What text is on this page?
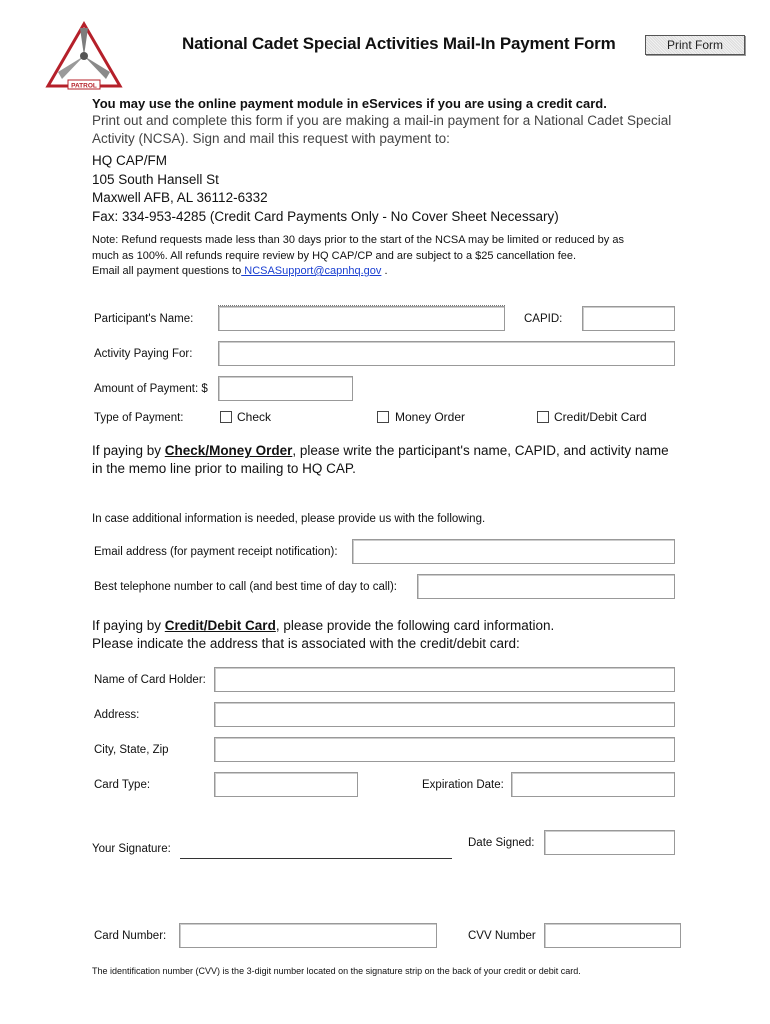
PATROL
National Cadet Special Activities Mail-In Payment Form	Print Form
You may use the online payment module in eServices if you are using a credit card.
Print out and complete this form if you are making a mail-in payment for a National Cadet Special Activity (NCSA). Sign and mail this request with payment to:
HQ CAP/FM
105 South Hansell St
Maxwell AFB, AL 36112-6332
Fax: 334-953-4285 (Credit Card Payments Only - No Cover Sheet Necessary)
Note: Refund requests made less than 30 days prior to the start of the NCSA may be limited or reduced by as
much as 100%. All refunds require review by HQ CAP/CP and are subject to a $25 cancellation fee.
Email all payment questions to NCSASupport@capnhq.gov .
Participant's Name:	CAPID:
Activity Paying For:
Amount of Payment: $
Type of Payment:	Check	Money Order	Credit/Debit Card
If paying by Check/Money Order, please write the participant's name, CAPID, and activity name
in the memo line prior to mailing to HQ CAP.
In case additional information is needed, please provide us with the following.
Email address (for payment receipt notification):
Best telephone number to call (and best time of day to call):
If paying by Credit/Debit Card, please provide the following card information.
Please indicate the address that is associated with the credit/debit card:
Name of Card Holder:
Address:
City, State, Zip
Card Type:	Expiration Date:
Your Signature:	Date Signed:
Card Number:	CVV Number
The identification number (CVV) is the 3-digit number located on the signature strip on the back of your credit or debit card.
